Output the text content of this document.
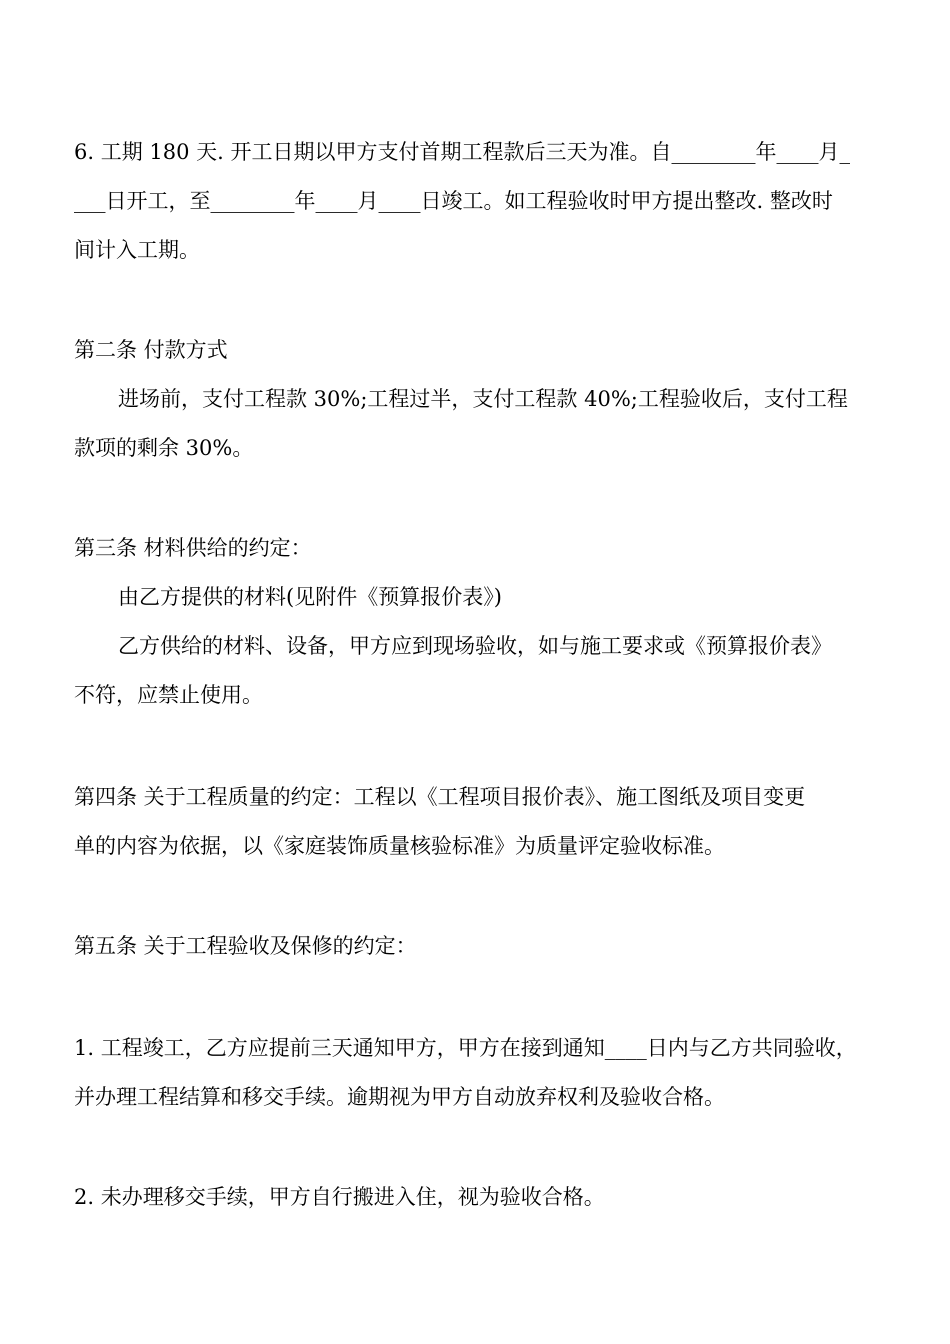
6. 工期 180 天. 开工日期以甲方支付首期工程款后三天为准。自________年____月_
___日开工，至________年____月____日竣工。如工程验收时甲方提出整改. 整改时
间计入工期。
第二条 付款方式
进场前，支付工程款 30%;工程过半，支付工程款 40%;工程验收后，支付工程
款项的剩余 30%。
第三条 材料供给的约定：
由乙方提供的材料(见附件《预算报价表》)
乙方供给的材料、设备，甲方应到现场验收，如与施工要求或《预算报价表》
不符，应禁止使用。
第四条 关于工程质量的约定：工程以《工程项目报价表》、施工图纸及项目变更
单的内容为依据，以《家庭装饰质量核验标准》为质量评定验收标准。
第五条 关于工程验收及保修的约定：
1. 工程竣工，乙方应提前三天通知甲方，甲方在接到通知____日内与乙方共同验收，
并办理工程结算和移交手续。逾期视为甲方自动放弃权利及验收合格。
2. 未办理移交手续，甲方自行搬进入住，视为验收合格。
